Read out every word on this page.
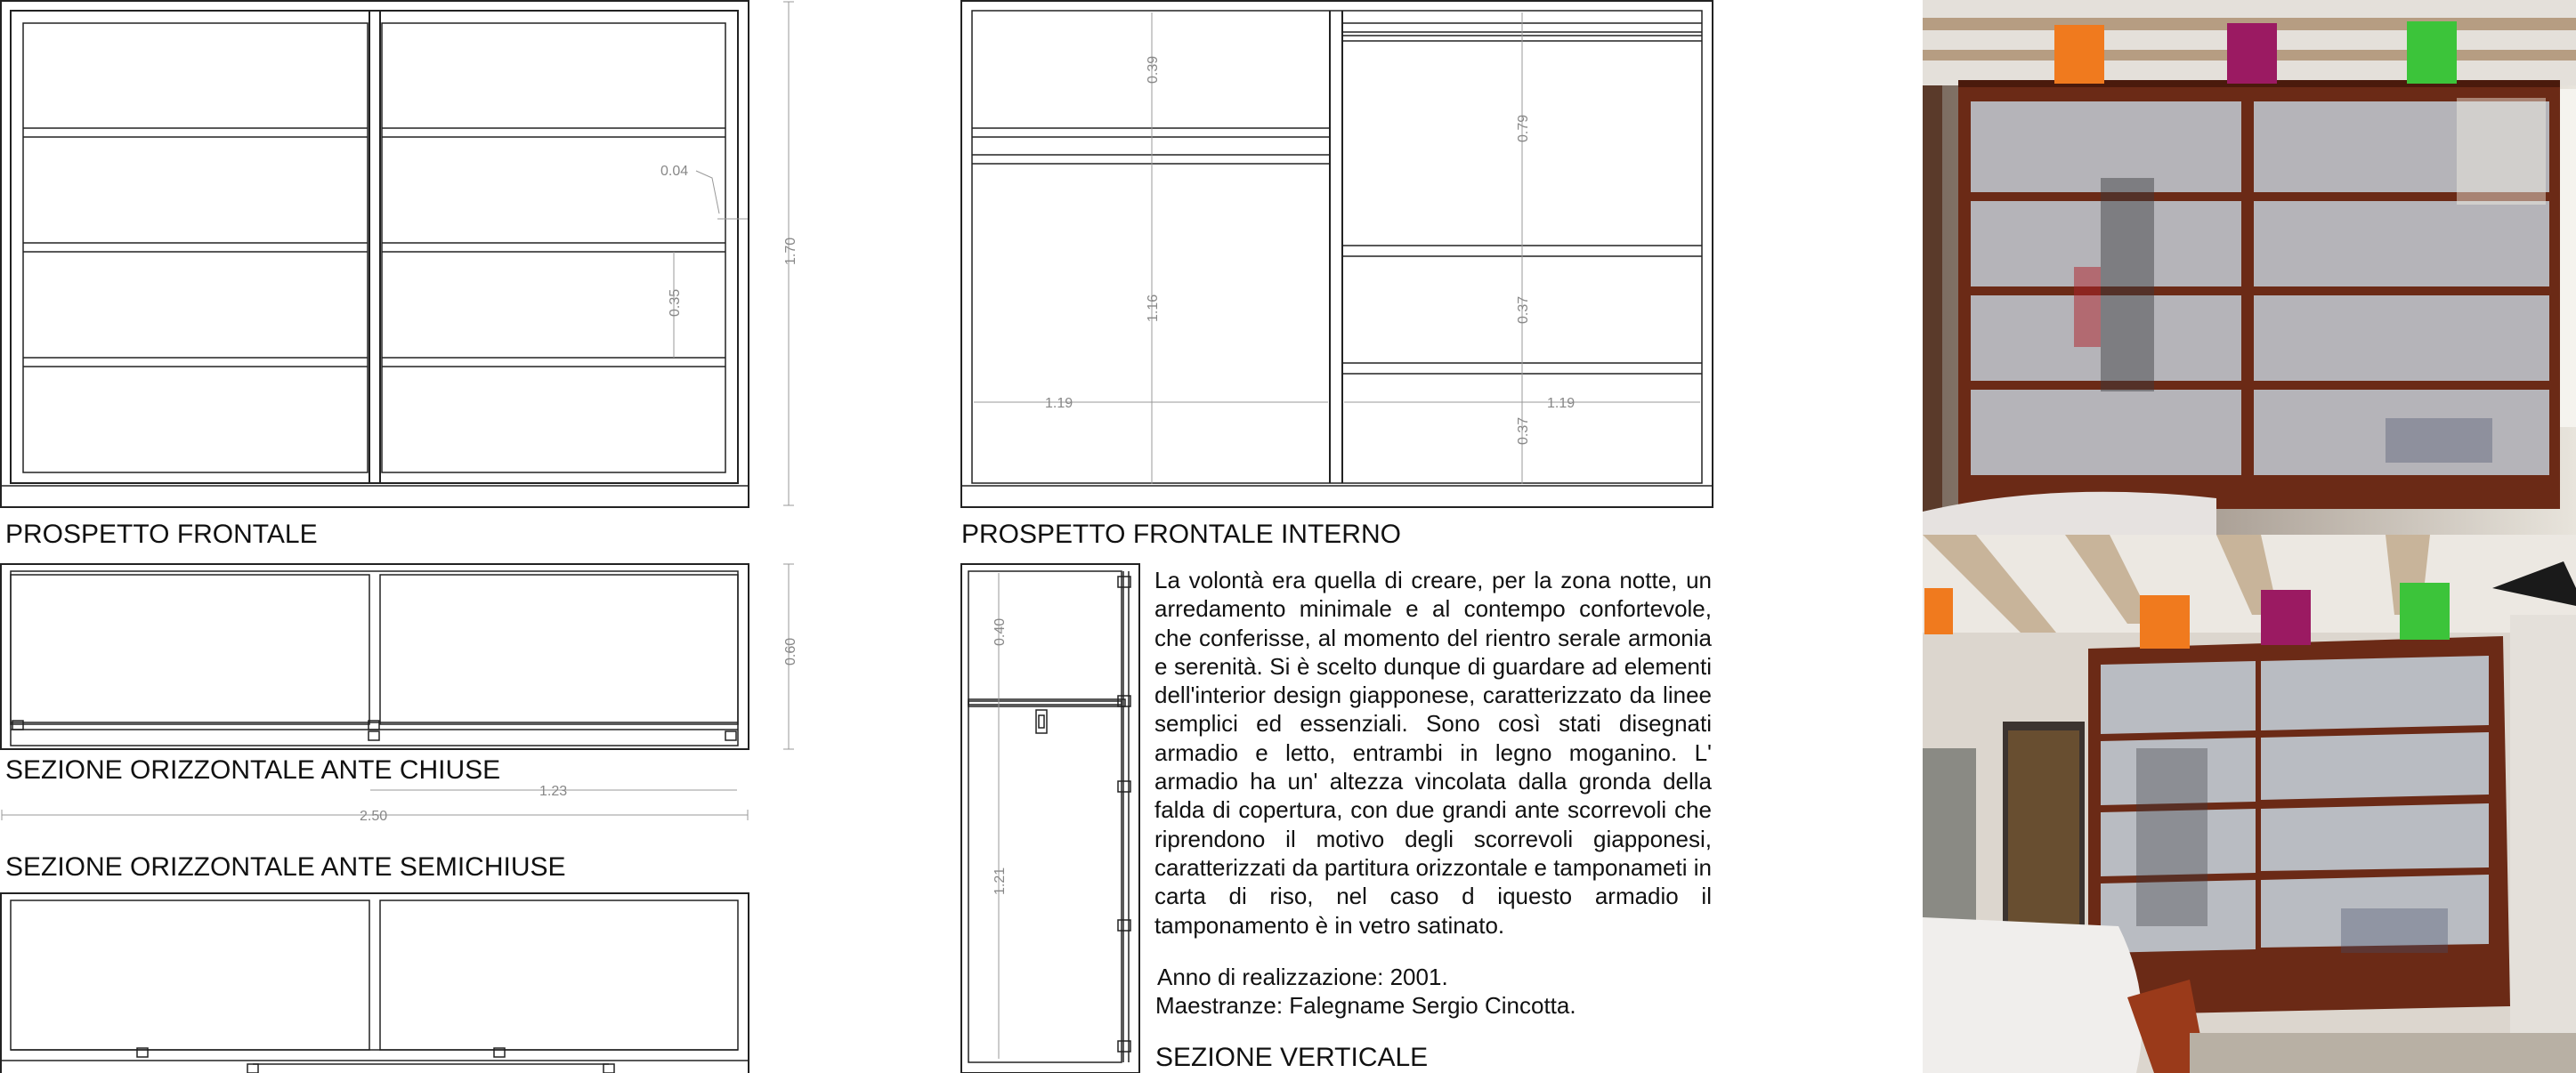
1.70
0.04
0.35
PROSPETTO FRONTALE
0.60
1.23
2.50
SEZIONE ORIZZONTALE ANTE CHIUSE
SEZIONE ORIZZONTALE ANTE SEMICHIUSE
0.39
1.16
1.19	1.19
0.79
0.37
0.37
PROSPETTO FRONTALE INTERNO
0.40
1.21
SEZIONE VERTICALE
La volontà era quella di creare, per la zona notte, un arredamento minimale e al contempo confortevole, che conferisse, al momento del rientro serale armonia e serenità. Si è scelto dunque di guardare ad elementi dell'interior design giapponese, caratterizzato da linee semplici ed essenziali. Sono così stati disegnati armadio e letto, entrambi in legno moganino. L' armadio ha un' altezza vincolata dalla gronda della falda di copertura, con due grandi ante scorrevoli che riprendono il motivo degli scorrevoli giapponesi, caratterizzati da partitura orizzontale e tamponameti in carta di riso, nel caso d iquesto armadio il tamponamento è in vetro satinato.
Anno di realizzazione: 2001.
Maestranze: Falegname Sergio Cincotta.
